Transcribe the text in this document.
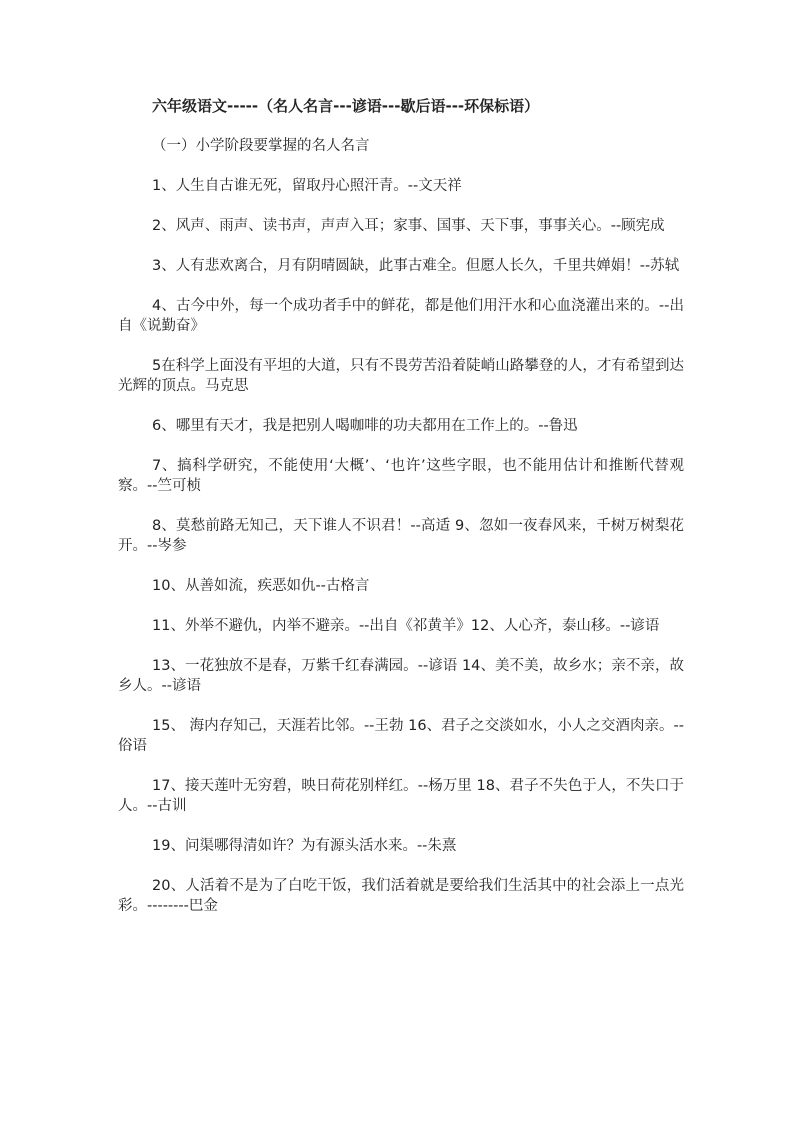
六年级语文-----（名人名言---谚语---歇后语---环保标语）
（一）小学阶段要掌握的名人名言
1、人生自古谁无死，留取丹心照汗青。--文天祥
2、风声、雨声、读书声，声声入耳；家事、国事、天下事，事事关心。--顾宪成
3、人有悲欢离合，月有阴晴圆缺，此事古难全。但愿人长久，千里共婵娟！--苏轼
4、古今中外，每一个成功者手中的鲜花，都是他们用汗水和心血浇灌出来的。--出自《说勤奋》
5在科学上面没有平坦的大道，只有不畏劳苦沿着陡峭山路攀登的人，才有希望到达光辉的顶点。马克思
6、哪里有天才，我是把别人喝咖啡的功夫都用在工作上的。--鲁迅
7、搞科学研究，不能使用‘大概’、‘也许’这些字眼，也不能用估计和推断代替观察。--竺可桢
8、莫愁前路无知己，天下谁人不识君！--高适 9、忽如一夜春风来，千树万树梨花开。--岑参
10、从善如流，疾恶如仇--古格言
11、外举不避仇，内举不避亲。--出自《祁黄羊》12、人心齐，泰山移。--谚语
13、一花独放不是春，万紫千红春满园。--谚语 14、美不美，故乡水；亲不亲，故乡人。--谚语
15、 海内存知己，天涯若比邻。--王勃 16、君子之交淡如水，小人之交酒肉亲。--俗语
17、接天莲叶无穷碧，映日荷花别样红。--杨万里 18、君子不失色于人，不失口于人。--古训
19、问渠哪得清如许？为有源头活水来。--朱熹
20、人活着不是为了白吃干饭，我们活着就是要给我们生活其中的社会添上一点光彩。--------巴金
